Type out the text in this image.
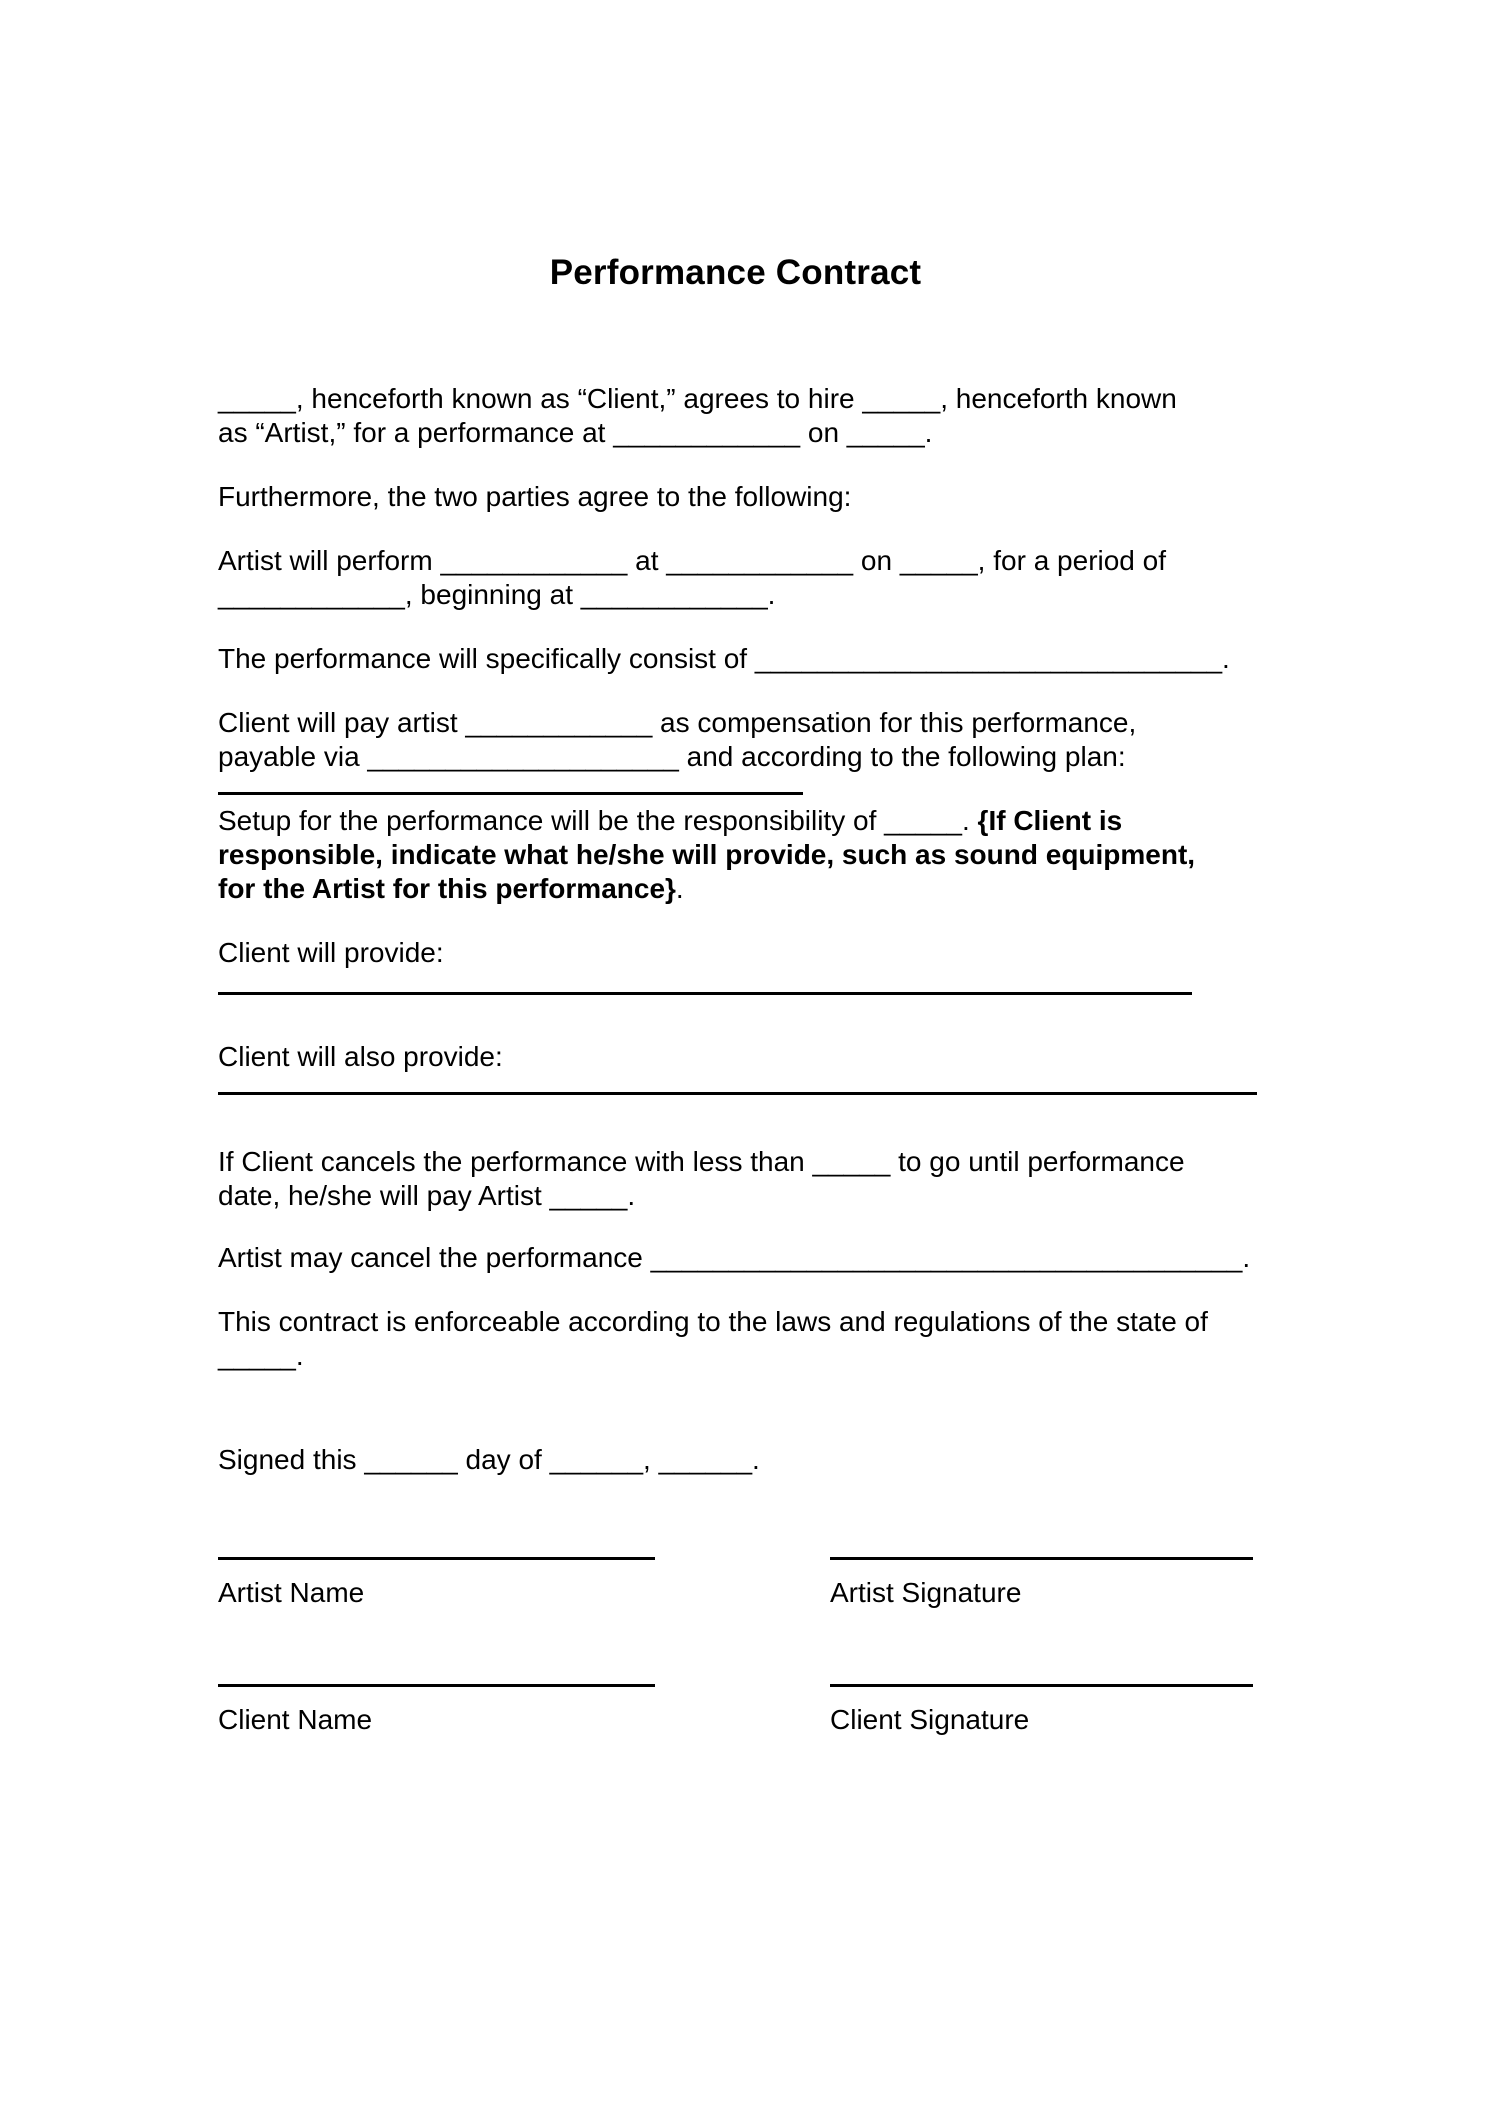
Performance Contract
_____, henceforth known as “Client,” agrees to hire _____, henceforth known
as “Artist,” for a performance at ____________ on _____.
Furthermore, the two parties agree to the following:
Artist will perform ____________ at ____________ on _____, for a period of
____________, beginning at ____________.
The performance will specifically consist of ______________________________.
Client will pay artist ____________ as compensation for this performance,
payable via ____________________ and according to the following plan:
Setup for the performance will be the responsibility of _____. {If Client is
responsible, indicate what he/she will provide, such as sound equipment,
for the Artist for this performance}.
Client will provide:
Client will also provide:
If Client cancels the performance with less than _____ to go until performance
date, he/she will pay Artist _____.
Artist may cancel the performance ______________________________________.
This contract is enforceable according to the laws and regulations of the state of
_____.
Signed this ______ day of ______, ______.
Artist Name	Artist Signature
Client Name	Client Signature
